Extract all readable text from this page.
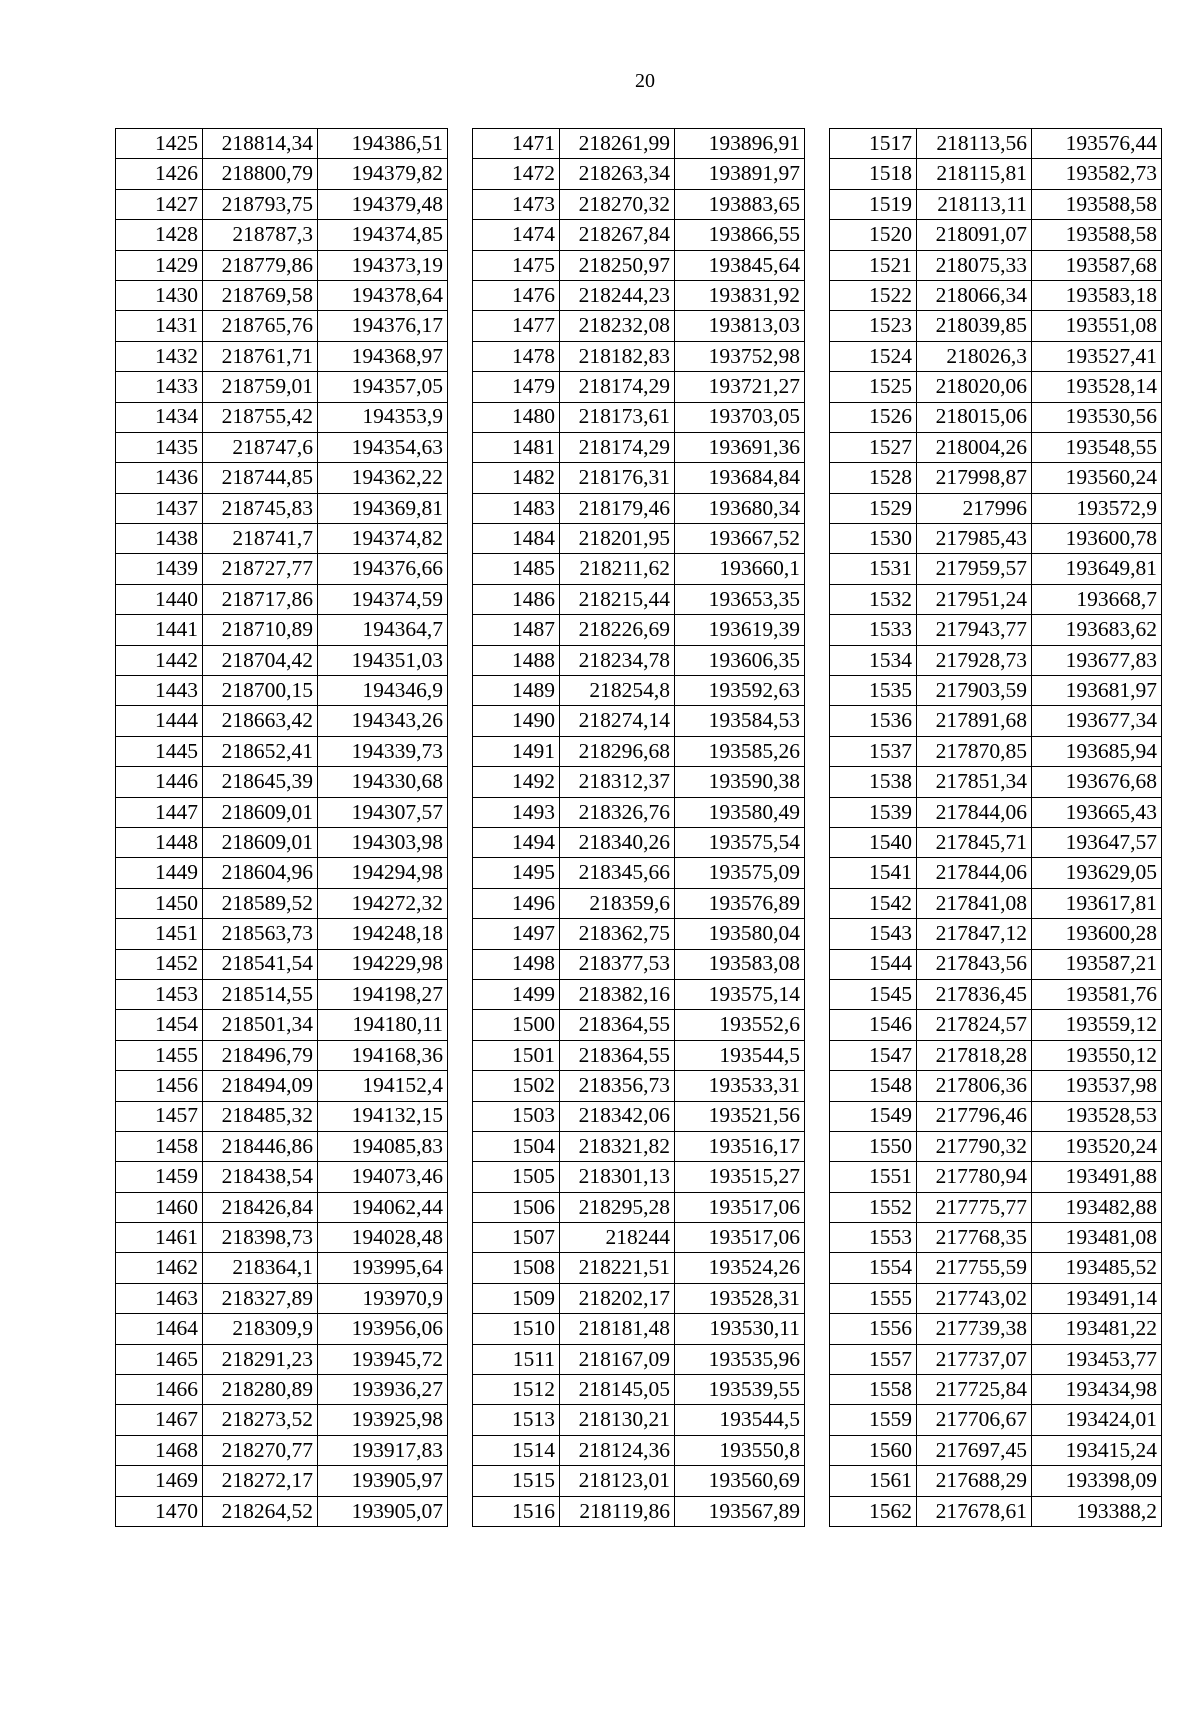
20
1425	218814,34	194386,51
1426	218800,79	194379,82
1427	218793,75	194379,48
1428	218787,3	194374,85
1429	218779,86	194373,19
1430	218769,58	194378,64
1431	218765,76	194376,17
1432	218761,71	194368,97
1433	218759,01	194357,05
1434	218755,42	194353,9
1435	218747,6	194354,63
1436	218744,85	194362,22
1437	218745,83	194369,81
1438	218741,7	194374,82
1439	218727,77	194376,66
1440	218717,86	194374,59
1441	218710,89	194364,7
1442	218704,42	194351,03
1443	218700,15	194346,9
1444	218663,42	194343,26
1445	218652,41	194339,73
1446	218645,39	194330,68
1447	218609,01	194307,57
1448	218609,01	194303,98
1449	218604,96	194294,98
1450	218589,52	194272,32
1451	218563,73	194248,18
1452	218541,54	194229,98
1453	218514,55	194198,27
1454	218501,34	194180,11
1455	218496,79	194168,36
1456	218494,09	194152,4
1457	218485,32	194132,15
1458	218446,86	194085,83
1459	218438,54	194073,46
1460	218426,84	194062,44
1461	218398,73	194028,48
1462	218364,1	193995,64
1463	218327,89	193970,9
1464	218309,9	193956,06
1465	218291,23	193945,72
1466	218280,89	193936,27
1467	218273,52	193925,98
1468	218270,77	193917,83
1469	218272,17	193905,97
1470	218264,52	193905,07
1471	218261,99	193896,91
1472	218263,34	193891,97
1473	218270,32	193883,65
1474	218267,84	193866,55
1475	218250,97	193845,64
1476	218244,23	193831,92
1477	218232,08	193813,03
1478	218182,83	193752,98
1479	218174,29	193721,27
1480	218173,61	193703,05
1481	218174,29	193691,36
1482	218176,31	193684,84
1483	218179,46	193680,34
1484	218201,95	193667,52
1485	218211,62	193660,1
1486	218215,44	193653,35
1487	218226,69	193619,39
1488	218234,78	193606,35
1489	218254,8	193592,63
1490	218274,14	193584,53
1491	218296,68	193585,26
1492	218312,37	193590,38
1493	218326,76	193580,49
1494	218340,26	193575,54
1495	218345,66	193575,09
1496	218359,6	193576,89
1497	218362,75	193580,04
1498	218377,53	193583,08
1499	218382,16	193575,14
1500	218364,55	193552,6
1501	218364,55	193544,5
1502	218356,73	193533,31
1503	218342,06	193521,56
1504	218321,82	193516,17
1505	218301,13	193515,27
1506	218295,28	193517,06
1507	218244	193517,06
1508	218221,51	193524,26
1509	218202,17	193528,31
1510	218181,48	193530,11
1511	218167,09	193535,96
1512	218145,05	193539,55
1513	218130,21	193544,5
1514	218124,36	193550,8
1515	218123,01	193560,69
1516	218119,86	193567,89
1517	218113,56	193576,44
1518	218115,81	193582,73
1519	218113,11	193588,58
1520	218091,07	193588,58
1521	218075,33	193587,68
1522	218066,34	193583,18
1523	218039,85	193551,08
1524	218026,3	193527,41
1525	218020,06	193528,14
1526	218015,06	193530,56
1527	218004,26	193548,55
1528	217998,87	193560,24
1529	217996	193572,9
1530	217985,43	193600,78
1531	217959,57	193649,81
1532	217951,24	193668,7
1533	217943,77	193683,62
1534	217928,73	193677,83
1535	217903,59	193681,97
1536	217891,68	193677,34
1537	217870,85	193685,94
1538	217851,34	193676,68
1539	217844,06	193665,43
1540	217845,71	193647,57
1541	217844,06	193629,05
1542	217841,08	193617,81
1543	217847,12	193600,28
1544	217843,56	193587,21
1545	217836,45	193581,76
1546	217824,57	193559,12
1547	217818,28	193550,12
1548	217806,36	193537,98
1549	217796,46	193528,53
1550	217790,32	193520,24
1551	217780,94	193491,88
1552	217775,77	193482,88
1553	217768,35	193481,08
1554	217755,59	193485,52
1555	217743,02	193491,14
1556	217739,38	193481,22
1557	217737,07	193453,77
1558	217725,84	193434,98
1559	217706,67	193424,01
1560	217697,45	193415,24
1561	217688,29	193398,09
1562	217678,61	193388,2
